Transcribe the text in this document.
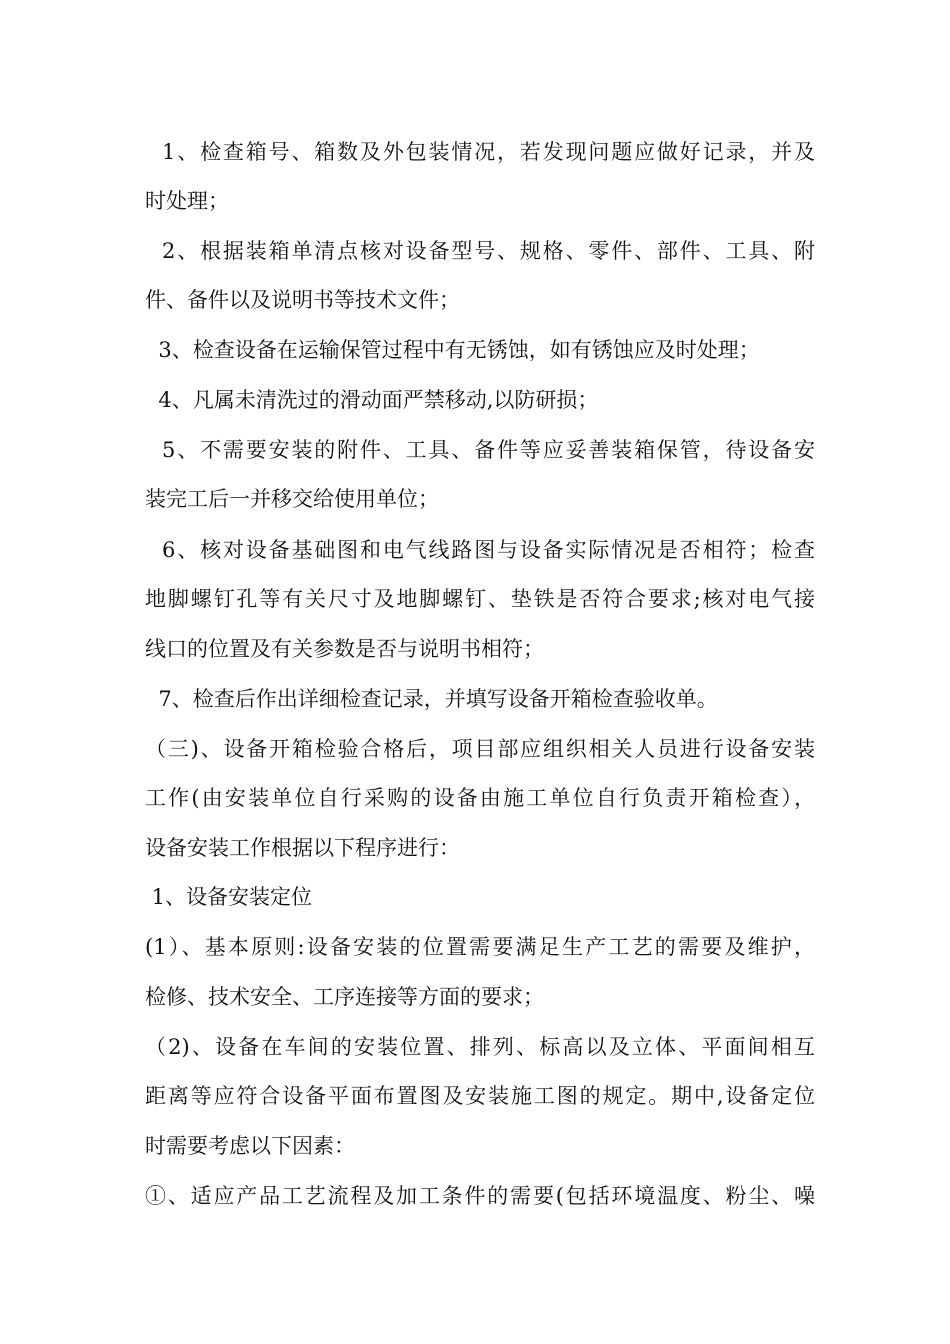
1、检查箱号、箱数及外包装情况，若发现问题应做好记录，并及
时处理；
2、根据装箱单清点核对设备型号、规格、零件、部件、工具、附
件、备件以及说明书等技术文件；
3、检查设备在运输保管过程中有无锈蚀，如有锈蚀应及时处理；
4、凡属未清洗过的滑动面严禁移动,以防研损；
5、不需要安装的附件、工具、备件等应妥善装箱保管，待设备安
装完工后一并移交给使用单位；
6、核对设备基础图和电气线路图与设备实际情况是否相符；检查
地脚螺钉孔等有关尺寸及地脚螺钉、垫铁是否符合要求;核对电气接
线口的位置及有关参数是否与说明书相符；
7、检查后作出详细检查记录，并填写设备开箱检查验收单。
（三)、设备开箱检验合格后，项目部应组织相关人员进行设备安装
工作(由安装单位自行采购的设备由施工单位自行负责开箱检查），
设备安装工作根据以下程序进行：
1、设备安装定位
(1）、基本原则:设备安装的位置需要满足生产工艺的需要及维护，
检修、技术安全、工序连接等方面的要求；
（2)、设备在车间的安装位置、排列、标高以及立体、平面间相互
距离等应符合设备平面布置图及安装施工图的规定。期中,设备定位
时需要考虑以下因素：
①、适应产品工艺流程及加工条件的需要(包括环境温度、粉尘、噪
